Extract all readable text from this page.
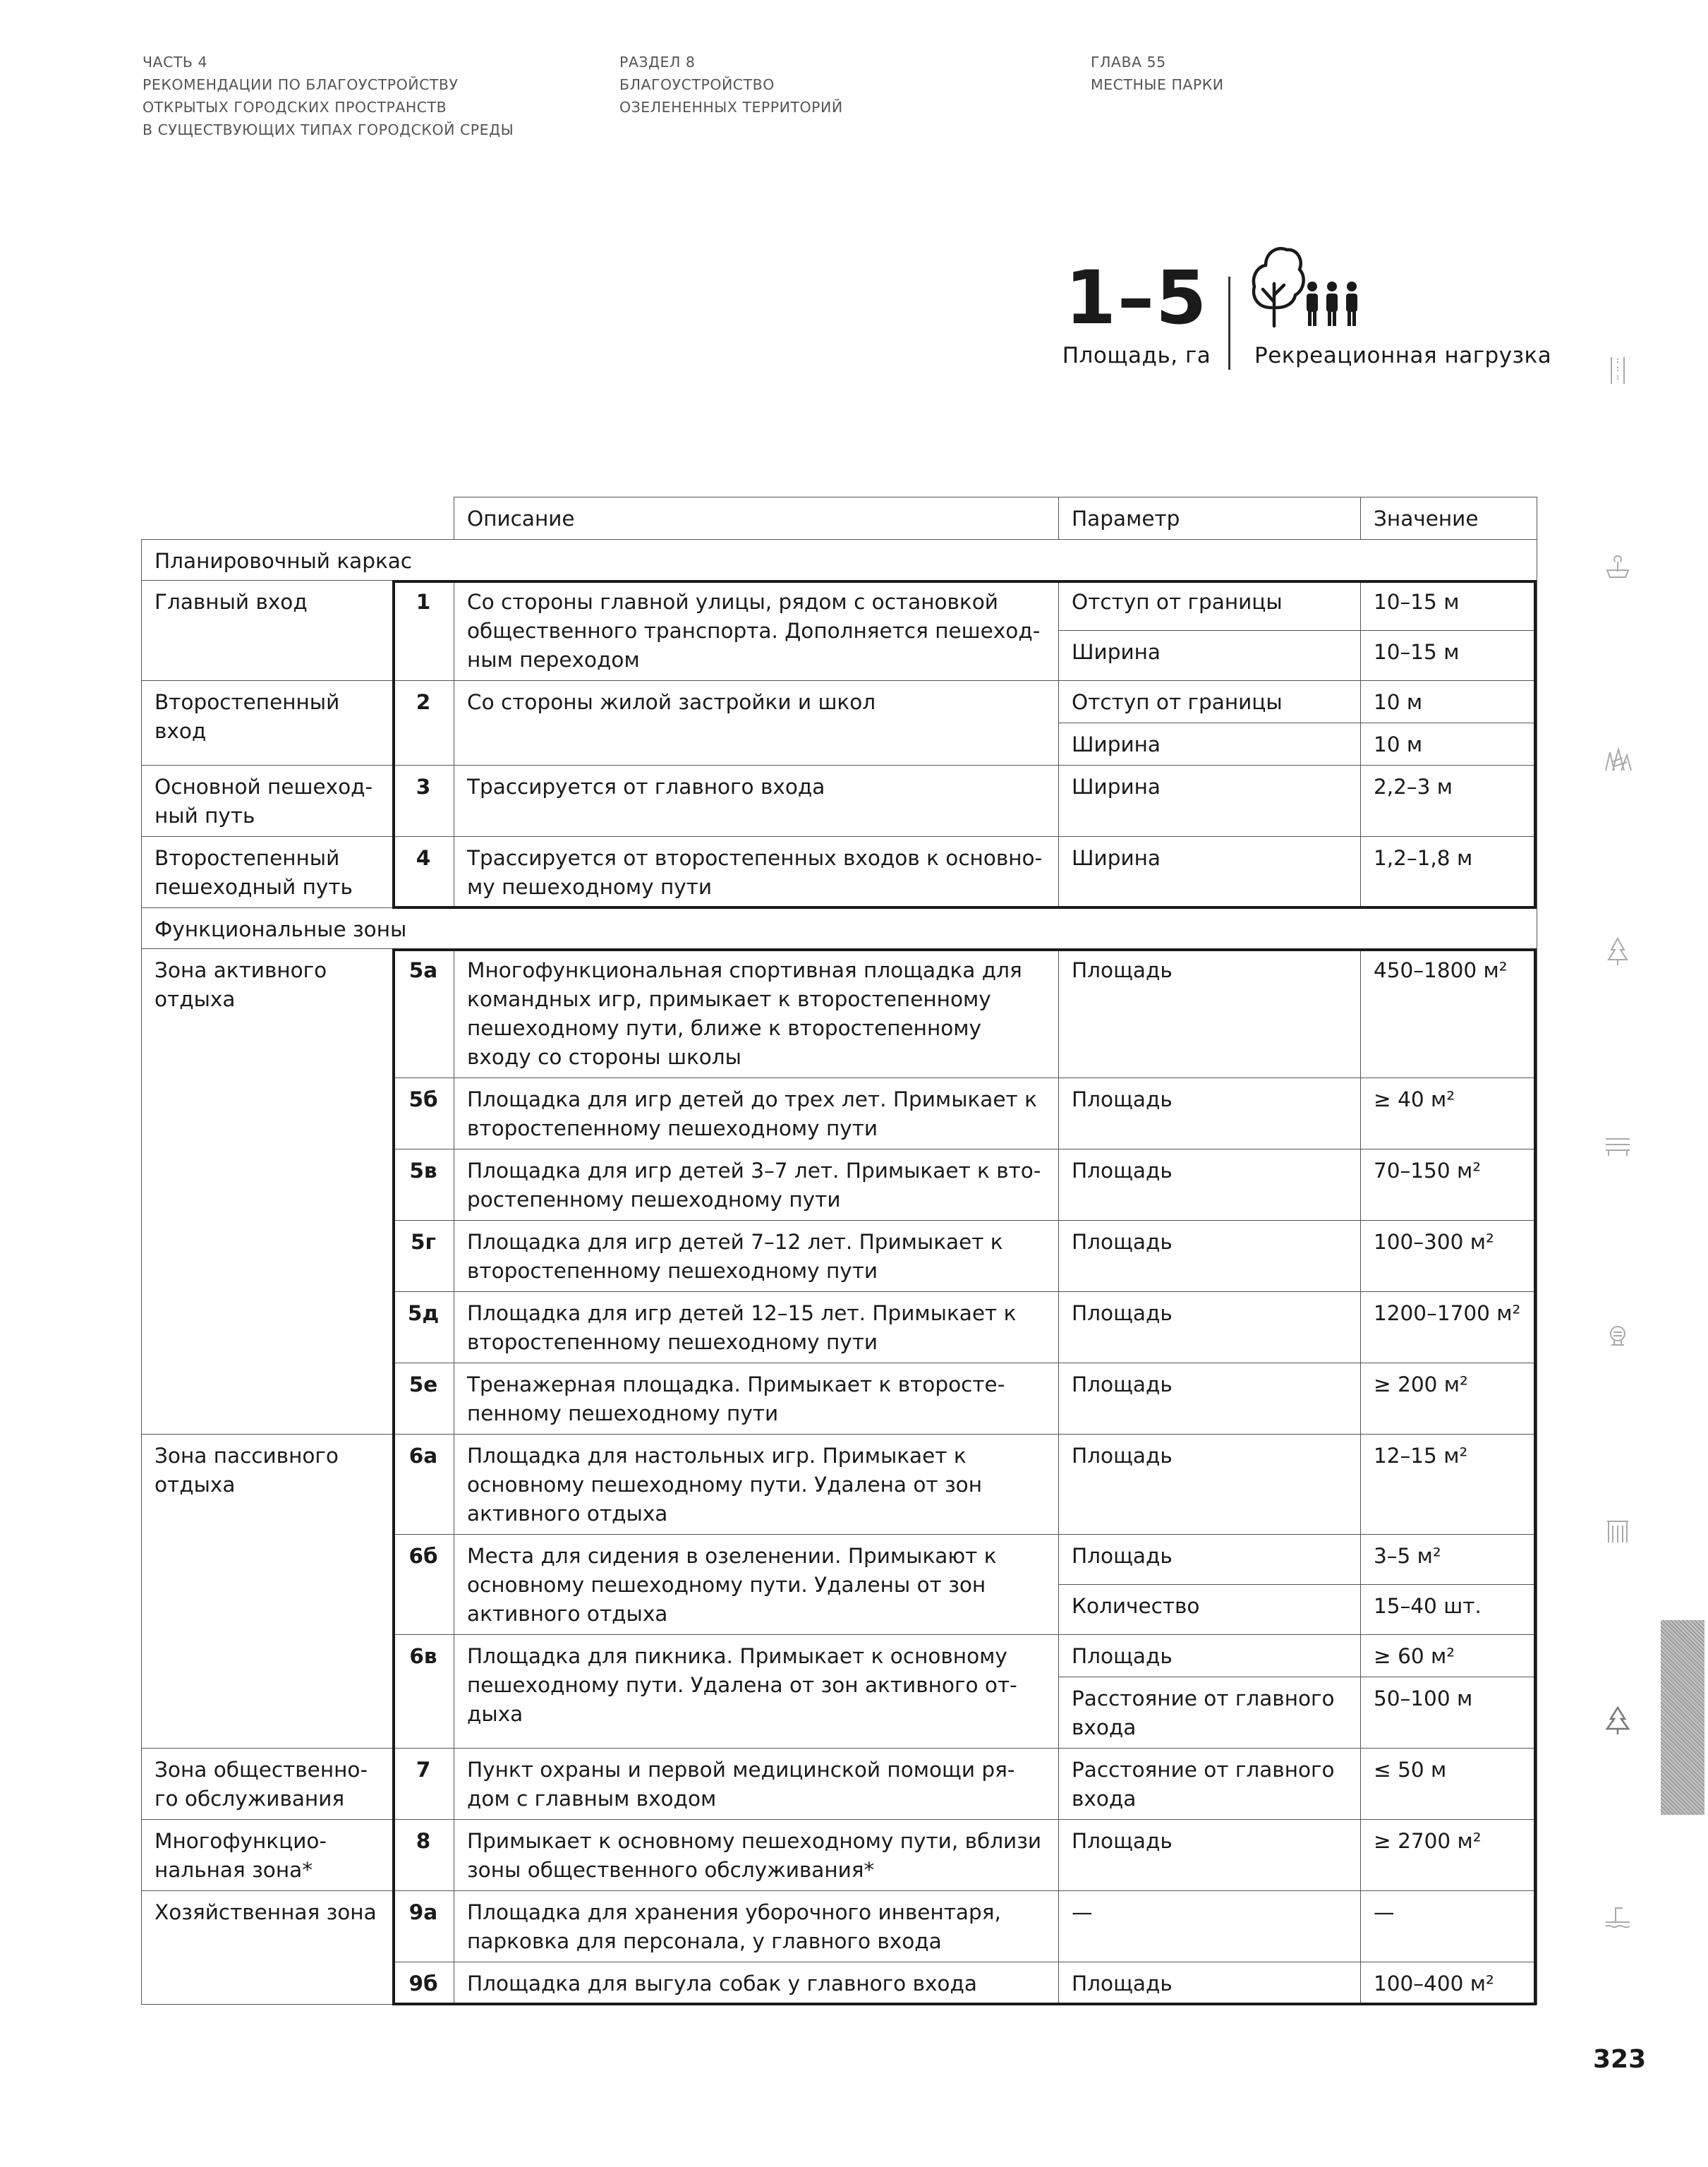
ЧАСТЬ 4
РЕКОМЕНДАЦИИ ПО БЛАГОУСТРОЙСТВУ
ОТКРЫТЫХ ГОРОДСКИХ ПРОСТРАНСТВ
В СУЩЕСТВУЮЩИХ ТИПАХ ГОРОДСКОЙ СРЕДЫ
РАЗДЕЛ 8
БЛАГОУСТРОЙСТВО
ОЗЕЛЕНЕННЫХ ТЕРРИТОРИЙ
ГЛАВА 55
МЕСТНЫЕ ПАРКИ
1–5
Площадь, га	Рекреационная нагрузка
		Описание	Параметр	Значение
Планировочный каркас				
Главный вход	1	Со стороны главной улицы, рядом с остановкой общественного транспорта. Дополняется пешеходным переходом	Отступ от границы	10–15 м
			Ширина	10–15 м
Второстепенный вход	2	Со стороны жилой застройки и школ	Отступ от границы	10 м
			Ширина	10 м
Основной пешеходный путь	3	Трассируется от главного входа	Ширина	2,2–3 м
Второстепенный пешеходный путь	4	Трассируется от второстепенных входов к основному пешеходному пути	Ширина	1,2–1,8 м
Функциональные зоны				
Зона активного отдыха	5а	Многофункциональная спортивная площадка для командных игр, примыкает к второстепенному пешеходному пути, ближе к второстепенному входу со стороны школы	Площадь	450–1800 м²
	5б	Площадка для игр детей до трех лет. Примыкает к второстепенному пешеходному пути	Площадь	≥ 40 м²
	5в	Площадка для игр детей 3–7 лет. Примыкает к второстепенному пешеходному пути	Площадь	70–150 м²
	5г	Площадка для игр детей 7–12 лет. Примыкает к второстепенному пешеходному пути	Площадь	100–300 м²
	5д	Площадка для игр детей 12–15 лет. Примыкает к второстепенному пешеходному пути	Площадь	1200–1700 м²
	5е	Тренажерная площадка. Примыкает к второстепенному пешеходному пути	Площадь	≥ 200 м²
Зона пассивного отдыха	6а	Площадка для настольных игр. Примыкает к основному пешеходному пути. Удалена от зон активного отдыха	Площадь	12–15 м²
	6б	Места для сидения в озеленении. Примыкают к основному пешеходному пути. Удалены от зон активного отдыха	Площадь	3–5 м²
			Количество	15–40 шт.
	6в	Площадка для пикника. Примыкает к основному пешеходному пути. Удалена от зон активного отдыха	Площадь	≥ 60 м²
			Расстояние от главного входа	50–100 м
Зона общественного обслуживания	7	Пункт охраны и первой медицинской помощи рядом с главным входом	Расстояние от главного входа	≤ 50 м
Многофункциональная зона*	8	Примыкает к основному пешеходному пути, вблизи зоны общественного обслуживания*	Площадь	≥ 2700 м²
Хозяйственная зона	9а	Площадка для хранения уборочного инвентаря, парковка для персонала, у главного входа	—	—
	9б	Площадка для выгула собак у главного входа	Площадь	100–400 м²
323
